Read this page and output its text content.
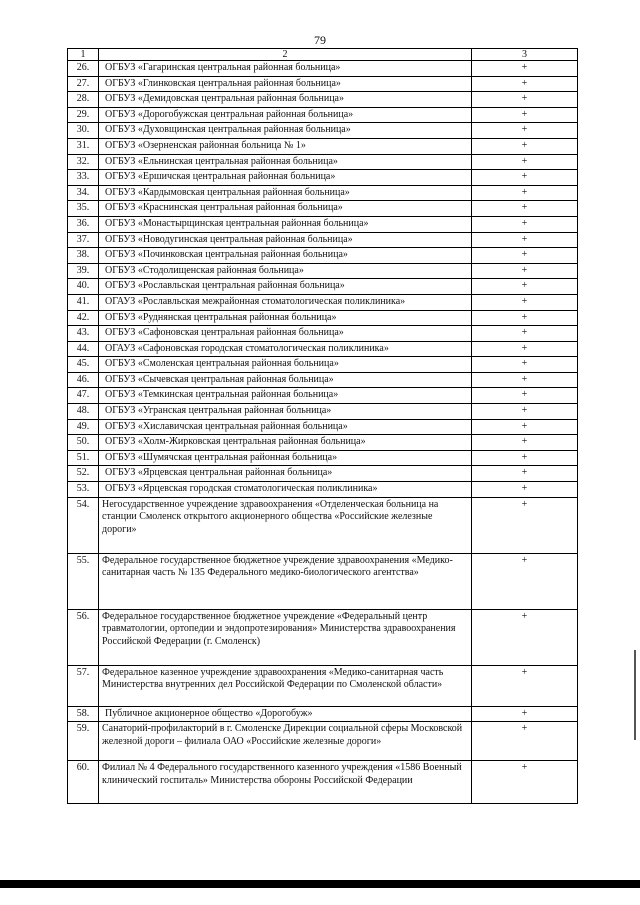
79
1	2	3
26.	ОГБУЗ «Гагаринская центральная районная больница»	+
27.	ОГБУЗ «Глинковская центральная районная больница»	+
28.	ОГБУЗ «Демидовская центральная районная больница»	+
29.	ОГБУЗ «Дорогобужская центральная районная больница»	+
30.	ОГБУЗ «Духовщинская центральная районная больница»	+
31.	ОГБУЗ «Озерненская районная больница № 1»	+
32.	ОГБУЗ «Ельнинская центральная районная больница»	+
33.	ОГБУЗ «Ершичская центральная районная больница»	+
34.	ОГБУЗ «Кардымовская центральная районная больница»	+
35.	ОГБУЗ «Краснинская центральная районная больница»	+
36.	ОГБУЗ «Монастырщинская центральная районная больница»	+
37.	ОГБУЗ «Новодугинская центральная районная больница»	+
38.	ОГБУЗ «Починковская центральная районная больница»	+
39.	ОГБУЗ «Стодолищенская районная больница»	+
40.	ОГБУЗ «Рославльская центральная районная больница»	+
41.	ОГАУЗ «Рославльская межрайонная стоматологическая поликлиника»	+
42.	ОГБУЗ «Руднянская центральная районная больница»	+
43.	ОГБУЗ «Сафоновская центральная районная больница»	+
44.	ОГАУЗ «Сафоновская городская стоматологическая поликлиника»	+
45.	ОГБУЗ «Смоленская центральная районная больница»	+
46.	ОГБУЗ «Сычевская центральная районная больница»	+
47.	ОГБУЗ «Темкинская центральная районная больница»	+
48.	ОГБУЗ «Угранская центральная районная больница»	+
49.	ОГБУЗ «Хиславичская центральная районная больница»	+
50.	ОГБУЗ «Холм-Жирковская центральная районная больница»	+
51.	ОГБУЗ «Шумячская центральная районная больница»	+
52.	ОГБУЗ «Ярцевская центральная районная больница»	+
53.	ОГБУЗ «Ярцевская городская стоматологическая поликлиника»	+
54.	Негосударственное учреждение здравоохранения «Отделенческая больница на станции Смоленск открытого акционерного общества «Российские железные дороги»	+
55.	Федеральное государственное бюджетное учреждение здравоохранения «Медико-санитарная часть № 135 Федерального медико-биологического агентства»	+
56.	Федеральное государственное бюджетное учреждение «Федеральный центр травматологии, ортопедии и эндопротезирования» Министерства здравоохранения Российской Федерации (г. Смоленск)	+
57.	Федеральное казенное учреждение здравоохранения «Медико-санитарная часть Министерства внутренних дел Российской Федерации по Смоленской области»	+
58.	Публичное акционерное общество «Дорогобуж»	+
59.	Санаторий-профилакторий в г. Смоленске Дирекции социальной сферы Московской железной дороги – филиала ОАО «Российские железные дороги»	+
60.	Филиал № 4 Федерального государственного казенного учреждения «1586 Военный клинический госпиталь» Министерства обороны Российской Федерации	+
